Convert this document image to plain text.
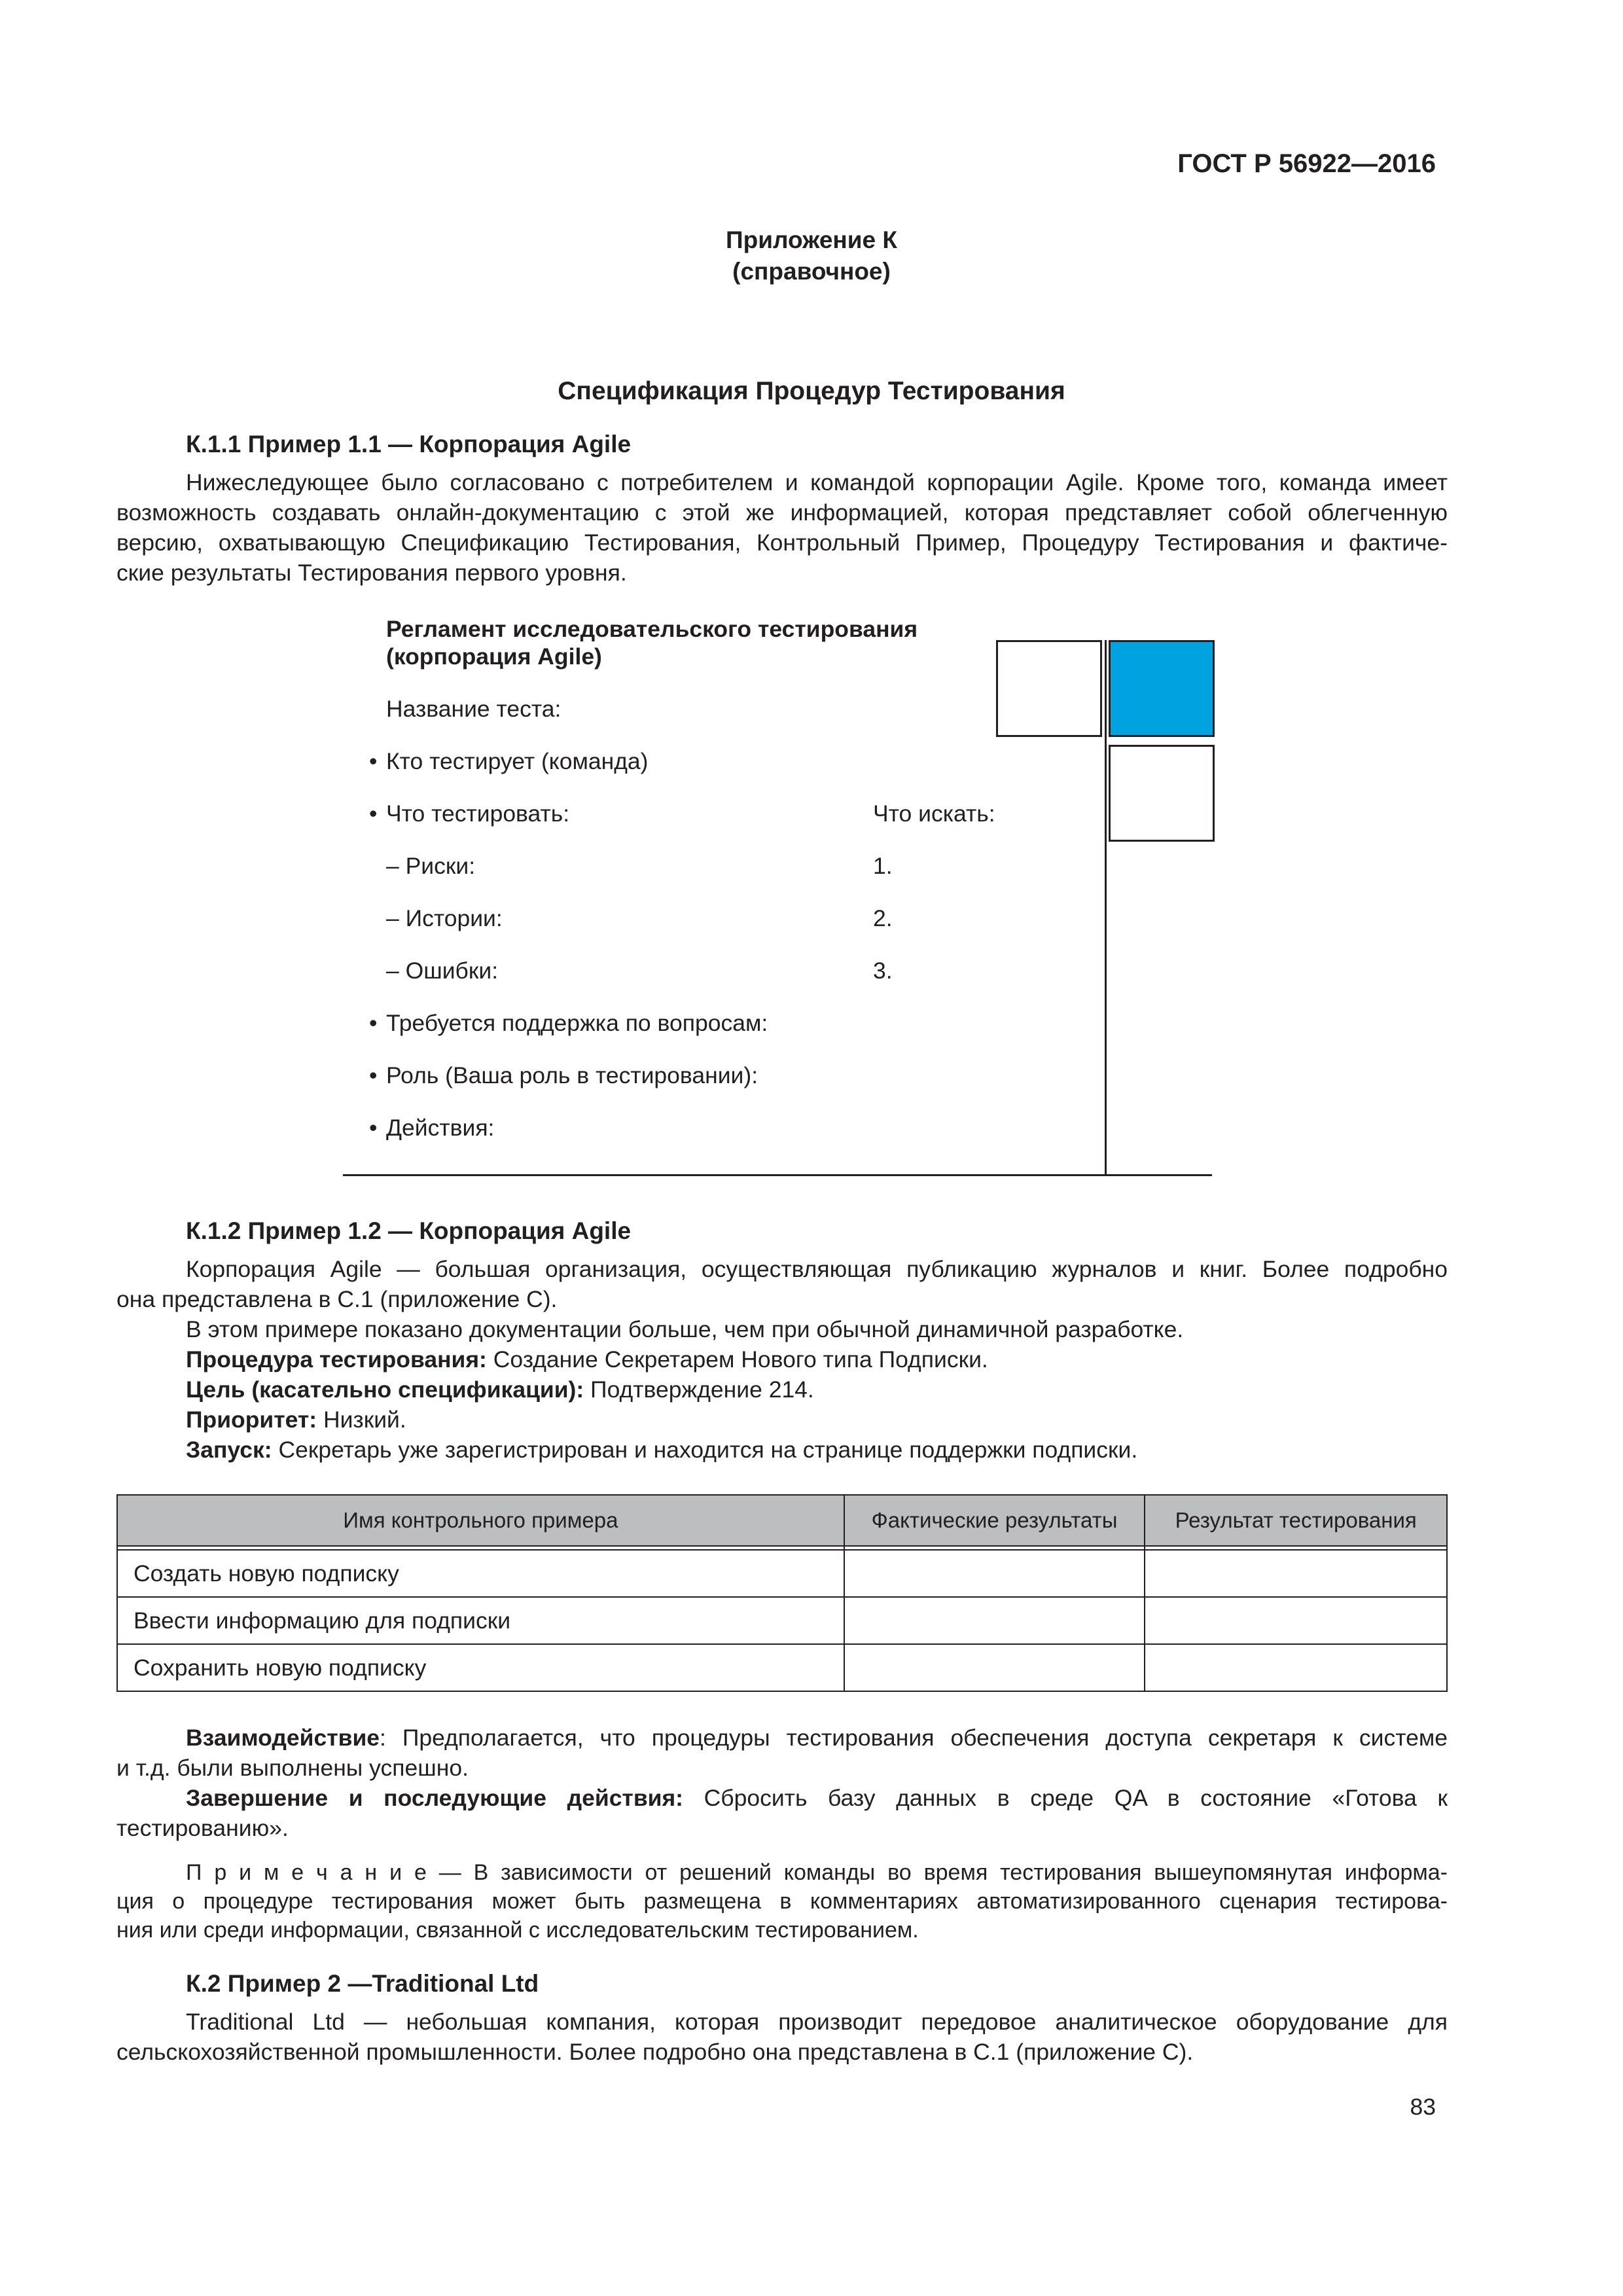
ГОСТ Р 56922—2016
Приложение К
(справочное)
Спецификация Процедур Тестирования
К.1.1 Пример 1.1 — Корпорация Agile
Нижеследующее было согласовано с потребителем и командой корпорации Agile. Кроме того, команда имеет
возможность создавать онлайн-документацию с этой же информацией, которая представляет собой облегченную
версию, охватывающую Спецификацию Тестирования, Контрольный Пример, Процедуру Тестирования и фактиче-
ские результаты Тестирования первого уровня.
Регламент исследовательского тестирования
(корпорация Agile)
Название теста:
• Кто тестирует (команда)
• Что тестировать:	Что искать:
– Риски:	1.
– Истории:	2.
– Ошибки:	3.
• Требуется поддержка по вопросам:
• Роль (Ваша роль в тестировании):
• Действия:
К.1.2 Пример 1.2 — Корпорация Agile
Корпорация Agile — большая организация, осуществляющая публикацию журналов и книг. Более подробно
она представлена в С.1 (приложение С).
В этом примере показано документации больше, чем при обычной динамичной разработке.
Процедура тестирования: Создание Секретарем Нового типа Подписки.
Цель (касательно спецификации): Подтверждение 214.
Приоритет: Низкий.
Запуск: Секретарь уже зарегистрирован и находится на странице поддержки подписки.
Имя контрольного примера	Фактические результаты	Результат тестирования

Создать новую подписку		
Ввести информацию для подписки		
Сохранить новую подписку		
Взаимодействие: Предполагается, что процедуры тестирования обеспечения доступа секретаря к системе
и т.д. были выполнены успешно.
Завершение и последующие действия: Сбросить базу данных в среде QA в состояние «Готова к
тестированию».
П р и м е ч а н и е — В зависимости от решений команды во время тестирования вышеупомянутая информа-
ция о процедуре тестирования может быть размещена в комментариях автоматизированного сценария тестирова-
ния или среди информации, связанной с исследовательским тестированием.
К.2 Пример 2 —Traditional Ltd
Traditional Ltd — небольшая компания, которая производит передовое аналитическое оборудование для
сельскохозяйственной промышленности. Более подробно она представлена в С.1 (приложение С).
83
